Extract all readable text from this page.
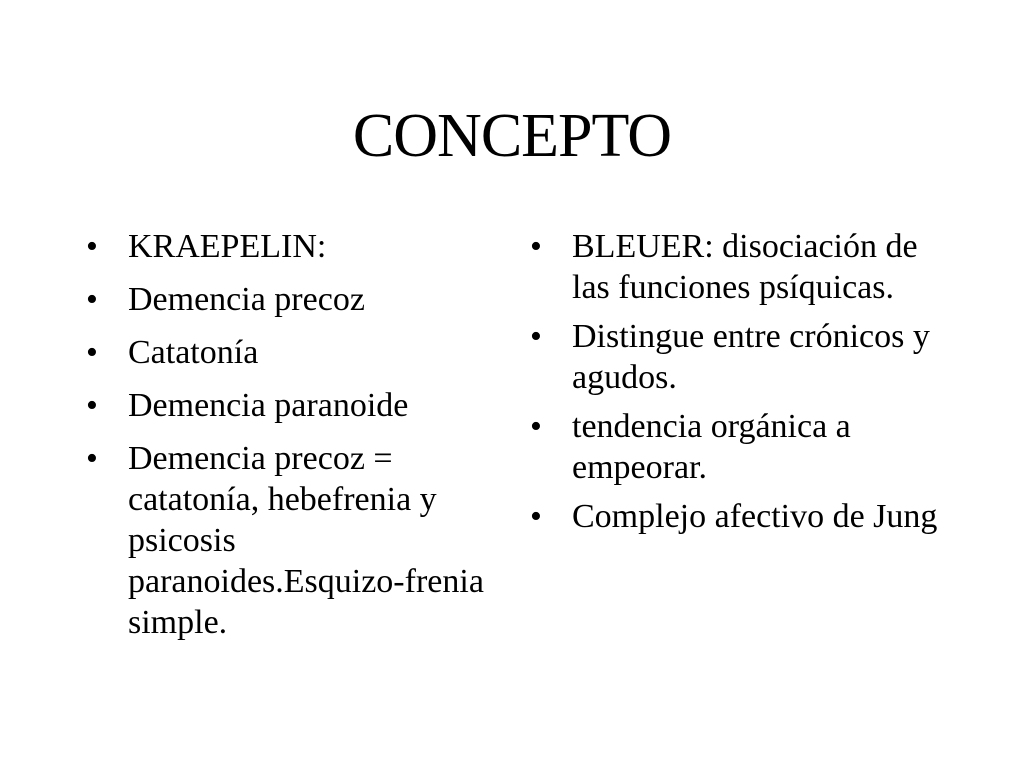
CONCEPTO
• KRAEPELIN:
• Demencia precoz
• Catatonía
• Demencia paranoide
• Demencia precoz = catatonía, hebefrenia y psicosis paranoides.Esquizo-frenia simple.
• BLEUER: disociación de las funciones psíquicas.
• Distingue entre crónicos y agudos.
• tendencia orgánica a empeorar.
• Complejo afectivo de Jung
